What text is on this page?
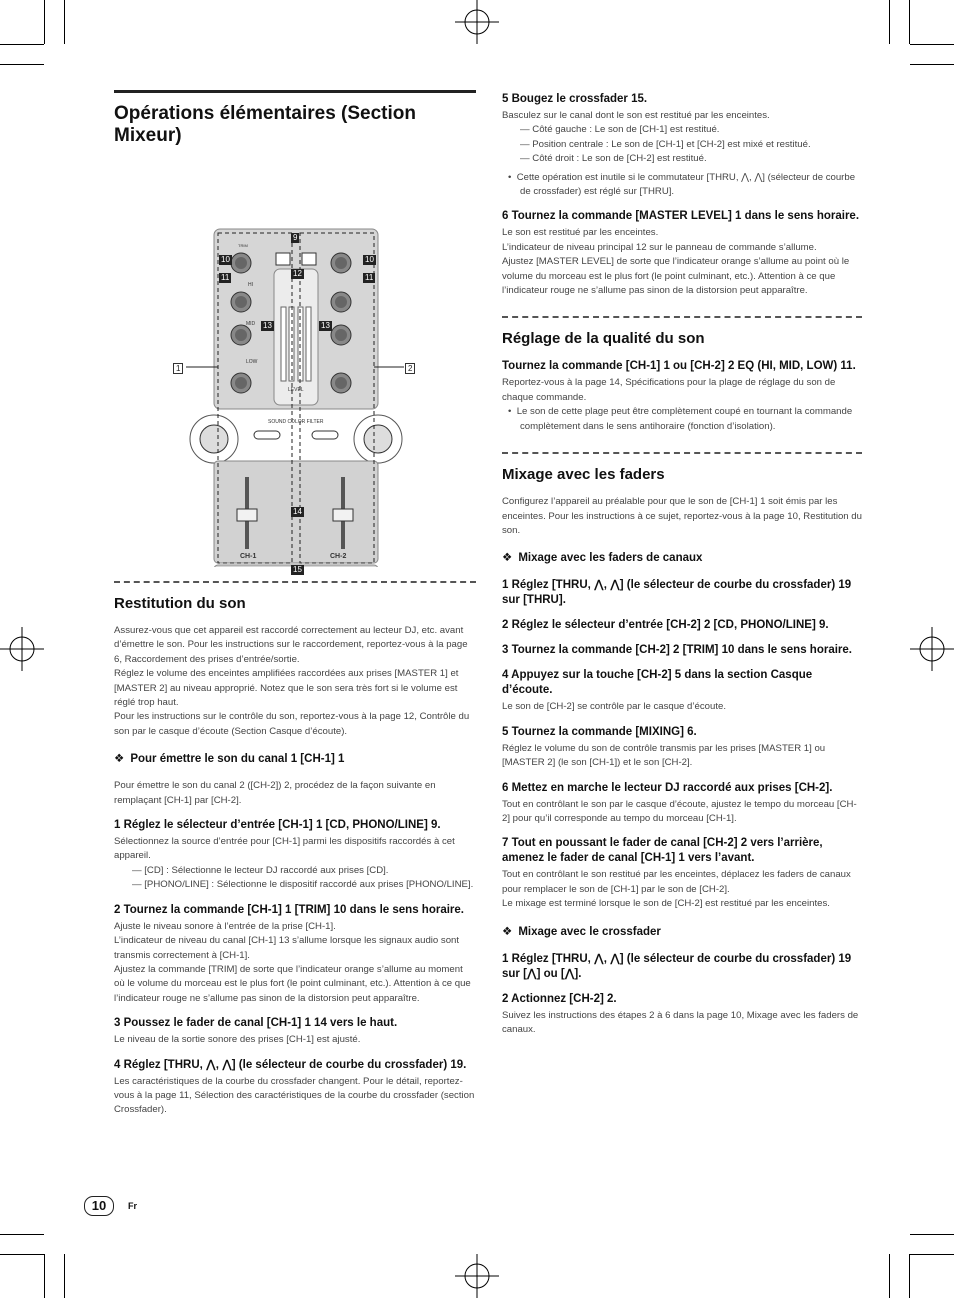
Opérations élémentaires (Section Mixeur)
TRIM
HI
MID
LOW
LEVEL
SOUND COLOR FILTER
CH-1	CH-2
1	2
9
10	10
11	11
12
13	13
14
15
Restitution du son

Assurez-vous que cet appareil est raccordé correctement au lecteur DJ, etc. avant d’émettre le son. Pour les instructions sur le raccordement, reportez-vous à la page 6, Raccordement des prises d’entrée/sortie.

Réglez le volume des enceintes amplifiées raccordées aux prises [MASTER 1] et [MASTER 2] au niveau approprié. Notez que le son sera très fort si le volume est réglé trop haut.

Pour les instructions sur le contrôle du son, reportez-vous à la page 12, Contrôle du son par le casque d’écoute (Section Casque d’écoute).

❖ Pour émettre le son du canal 1 [CH-1] 1

Pour émettre le son du canal 2 ([CH-2]) 2, procédez de la façon suivante en remplaçant [CH-1] par [CH-2].

1 Réglez le sélecteur d’entrée [CH-1] 1 [CD, PHONO/LINE] 9.

Sélectionnez la source d’entrée pour [CH-1] parmi les dispositifs raccordés à cet appareil.

— [CD] : Sélectionne le lecteur DJ raccordé aux prises [CD].
— [PHONO/LINE] : Sélectionne le dispositif raccordé aux prises [PHONO/LINE].
2 Tournez la commande [CH-1] 1 [TRIM] 10 dans le sens horaire.

Ajuste le niveau sonore à l’entrée de la prise [CH-1].

L’indicateur de niveau du canal [CH-1] 13 s’allume lorsque les signaux audio sont transmis correctement à [CH-1].

Ajustez la commande [TRIM] de sorte que l’indicateur orange s’allume au moment où le volume du morceau est le plus fort (le point culminant, etc.). Attention à ce que l’indicateur rouge ne s’allume pas sinon de la distorsion peut apparaître.

3 Poussez le fader de canal [CH-1] 1 14 vers le haut.

Le niveau de la sortie sonore des prises [CH-1] est ajusté.

4 Réglez [THRU, ⋀, ⋀] (le sélecteur de courbe du crossfader) 19.

Les caractéristiques de la courbe du crossfader changent. Pour le détail, reportez-vous à la page 11, Sélection des caractéristiques de la courbe du crossfader (section Crossfader).

5 Bougez le crossfader 15.

Basculez sur le canal dont le son est restitué par les enceintes.

— Côté gauche : Le son de [CH-1] est restitué.
— Position centrale : Le son de [CH-1] et [CH-2] est mixé et restitué.
— Côté droit : Le son de [CH-2] est restitué.

•  Cette opération est inutile si le commutateur [THRU, ⋀, ⋀] (sélecteur de courbe de crossfader) est réglé sur [THRU].

6 Tournez la commande [MASTER LEVEL] 1 dans le sens horaire.

Le son est restitué par les enceintes.

L’indicateur de niveau principal 12 sur le panneau de commande s’allume.

Ajustez [MASTER LEVEL] de sorte que l’indicateur orange s’allume au point où le volume du morceau est le plus fort (le point culminant, etc.). Attention à ce que l’indicateur rouge ne s’allume pas sinon de la distorsion peut apparaître.

Réglage de la qualité du son
Tournez la commande [CH-1] 1 ou [CH-2] 2 EQ (HI, MID, LOW) 11.

Reportez-vous à la page 14, Spécifications pour la plage de réglage du son de chaque commande.

•  Le son de cette plage peut être complètement coupé en tournant la commande complètement dans le sens antihoraire (fonction d’isolation).

Mixage avec les faders

Configurez l’appareil au préalable pour que le son de [CH-1] 1 soit émis par les enceintes. Pour les instructions à ce sujet, reportez-vous à la page 10, Restitution du son.

❖ Mixage avec les faders de canaux
1 Réglez [THRU, ⋀, ⋀] (le sélecteur de courbe du crossfader) 19 sur [THRU].
2 Réglez le sélecteur d’entrée [CH-2] 2 [CD, PHONO/LINE] 9.
3 Tournez la commande [CH-2] 2 [TRIM] 10 dans le sens horaire.
4 Appuyez sur la touche [CH-2] 5 dans la section Casque d’écoute.

Le son de [CH-2] se contrôle par le casque d’écoute.

5 Tournez la commande [MIXING] 6.

Réglez le volume du son de contrôle transmis par les prises [MASTER 1] ou [MASTER 2] (le son [CH-1]) et le son [CH-2].

6 Mettez en marche le lecteur DJ raccordé aux prises [CH-2].

Tout en contrôlant le son par le casque d’écoute, ajustez le tempo du morceau [CH-2] pour qu’il corresponde au tempo du morceau [CH-1].

7 Tout en poussant le fader de canal [CH-2] 2 vers l’arrière, amenez le fader de canal [CH-1] 1 vers l’avant.

Tout en contrôlant le son restitué par les enceintes, déplacez les faders de canaux pour remplacer le son de [CH-1] par le son de [CH-2].
Le mixage est terminé lorsque le son de [CH-2] est restitué par les enceintes.

❖ Mixage avec le crossfader
1 Réglez [THRU, ⋀, ⋀] (le sélecteur de courbe du crossfader) 19 sur [⋀] ou [⋀].
2 Actionnez [CH-2] 2.

Suivez les instructions des étapes 2 à 6 dans la page 10, Mixage avec les faders de canaux.

10	Fr
